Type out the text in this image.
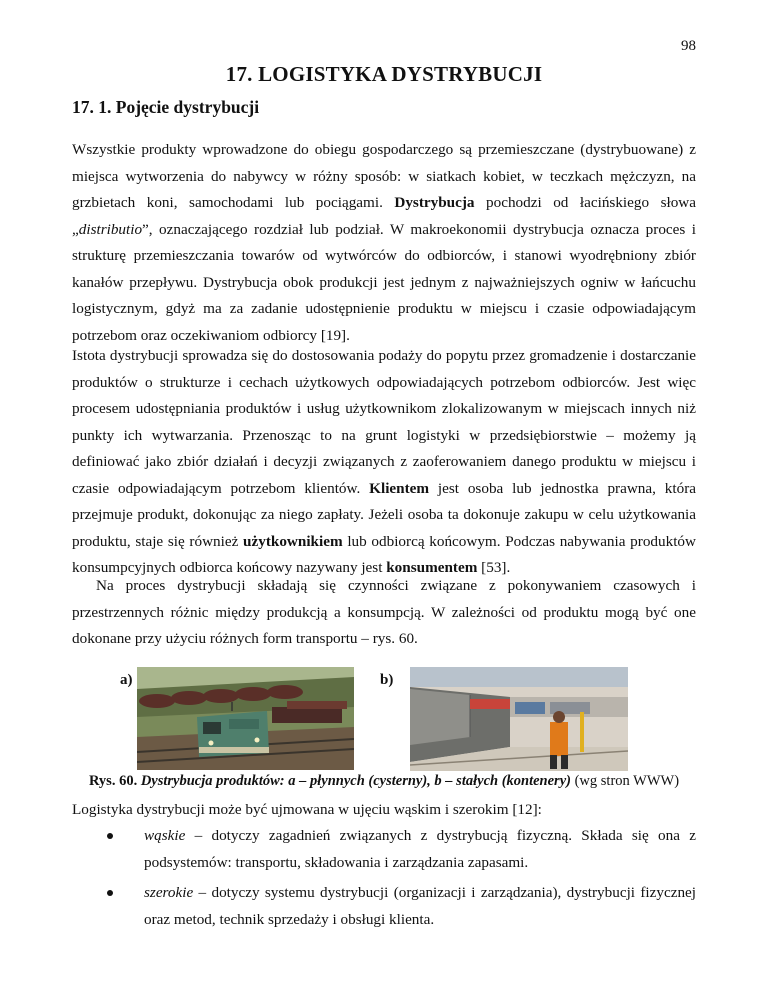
98
17. LOGISTYKA DYSTRYBUCJI
17. 1. Pojęcie dystrybucji

Wszystkie produkty wprowadzone do obiegu gospodarczego są przemieszczane (dystrybuowane) z miejsca wytworzenia do nabywcy w różny sposób: w siatkach kobiet, w teczkach mężczyzn, na grzbietach koni, samochodami lub pociągami. Dystrybucja pochodzi od łacińskiego słowa „distributio”, oznaczającego rozdział lub podział. W makroekonomii dystrybucja oznacza proces i strukturę przemieszczania towarów od wytwórców do odbiorców, i stanowi wyodrębniony zbiór kanałów przepływu. Dystrybucja obok produkcji jest jednym z najważniejszych ogniw w łańcuchu logistycznym, gdyż ma za zadanie udostępnienie produktu w miejscu i czasie odpowiadającym potrzebom oraz oczekiwaniom odbiorcy [19].

Istota dystrybucji sprowadza się do dostosowania podaży do popytu przez gromadzenie i dostarczanie produktów o strukturze i cechach użytkowych odpowiadających potrzebom odbiorców. Jest więc procesem udostępniania produktów i usług użytkownikom zlokalizowanym w miejscach innych niż punkty ich wytwarzania. Przenosząc to na grunt logistyki w przedsiębiorstwie – możemy ją definiować jako zbiór działań i decyzji związanych z zaoferowaniem danego produktu w miejscu i czasie odpowiadającym potrzebom klientów. Klientem jest osoba lub jednostka prawna, która przejmuje produkt, dokonując za niego zapłaty. Jeżeli osoba ta dokonuje zakupu w celu użytkowania produktu, staje się również użytkownikiem lub odbiorcą końcowym. Podczas nabywania produktów konsumpcyjnych odbiorca końcowy nazywany jest konsumentem [53].

Na proces dystrybucji składają się czynności związane z pokonywaniem czasowych i przestrzennych różnic między produkcją a konsumpcją. W zależności od produktu mogą być one dokonane przy użyciu różnych form transportu – rys. 60.

a)	b)
Rys. 60. Dystrybucja produktów: a – płynnych (cysterny), b – stałych (kontenery) (wg stron WWW)

Logistyka dystrybucji może być ujmowana w ujęciu wąskim i szerokim [12]:

wąskie – dotyczy zagadnień związanych z dystrybucją fizyczną. Składa się ona z podsystemów: transportu, składowania i zarządzania zapasami.
szerokie – dotyczy systemu dystrybucji (organizacji i zarządzania), dystrybucji fizycznej oraz metod, technik sprzedaży i obsługi klienta.
